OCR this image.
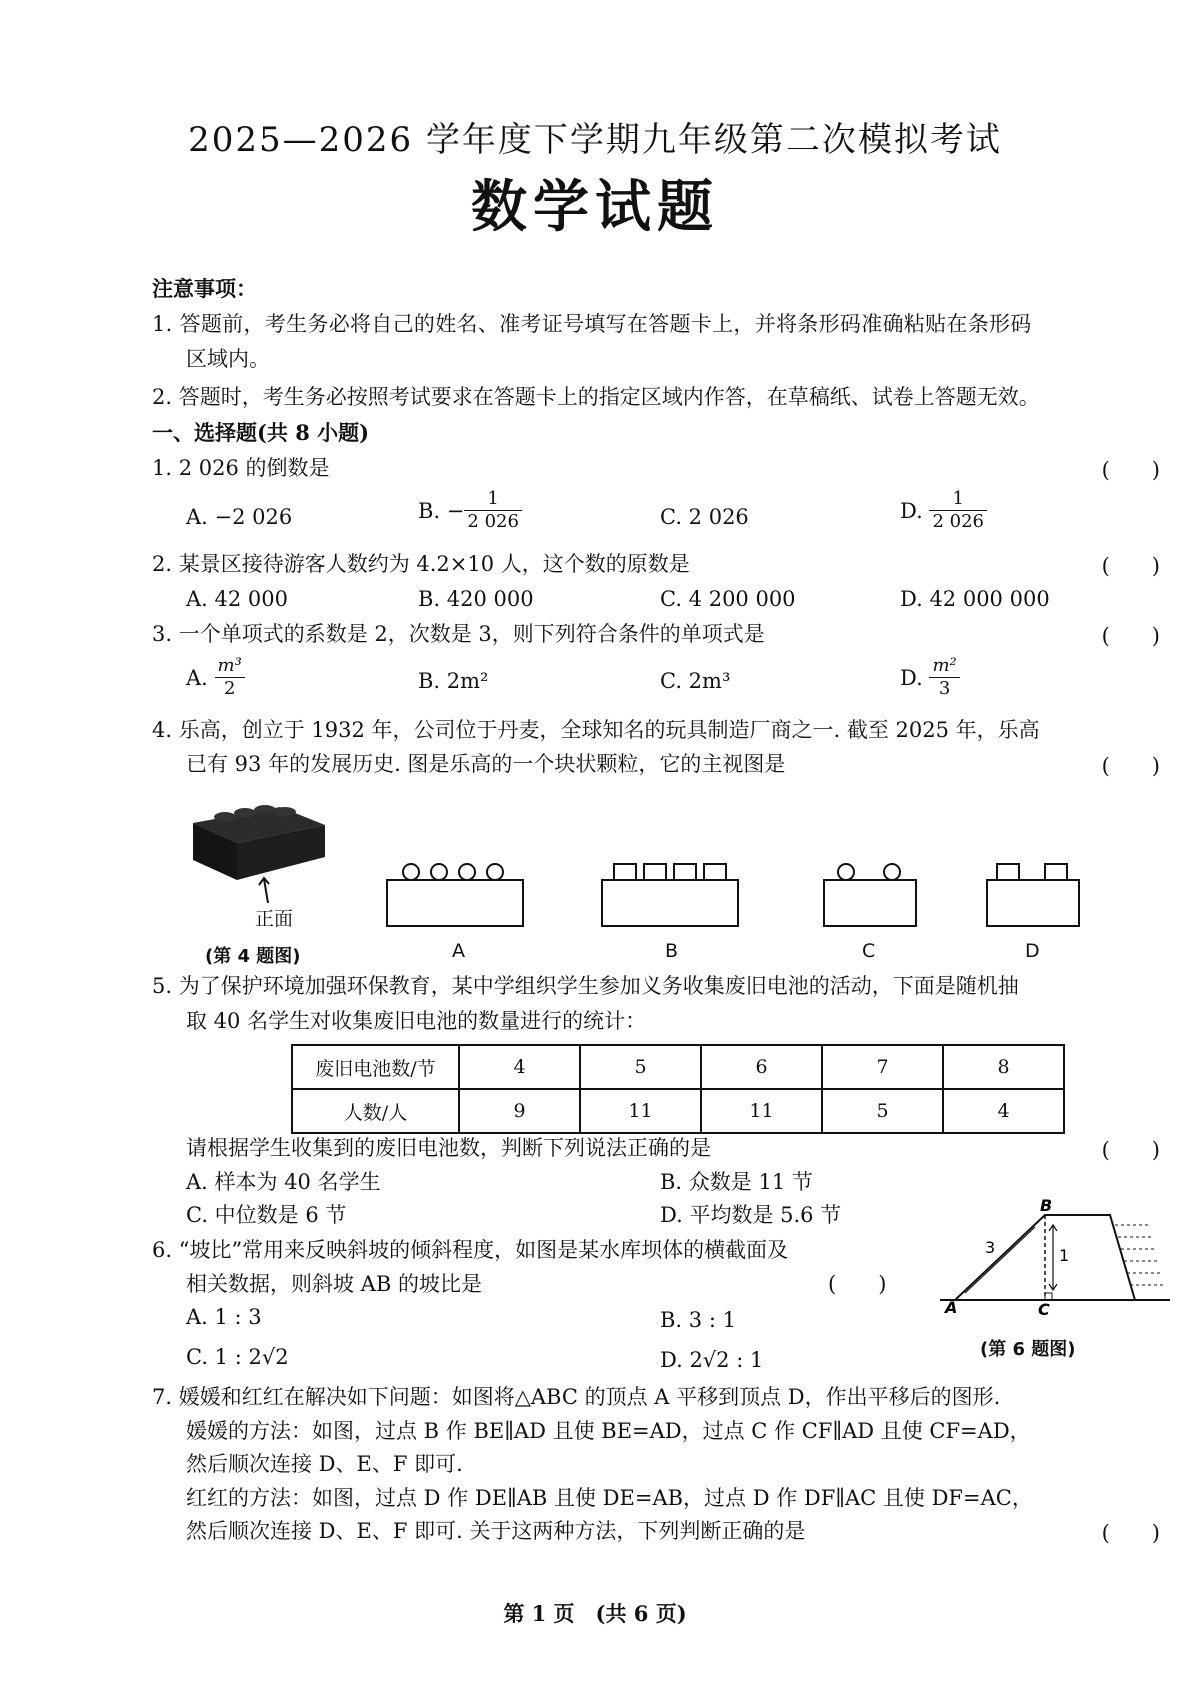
2025—2026 学年度下学期九年级第二次模拟考试
数学试题
注意事项：
1. 答题前，考生务必将自己的姓名、准考证号填写在答题卡上，并将条形码准确粘贴在条形码
区域内。
2. 答题时，考生务必按照考试要求在答题卡上的指定区域内作答，在草稿纸、试卷上答题无效。
一、选择题(共 8 小题)
1. 2 026 的倒数是	(　　)
A. −2 026	B. − $\frac{1}{2 026}$	C. 2 026	D. $\frac{1}{2 026}$
2. 某景区接待游客人数约为 4.2×10 人，这个数的原数是	(　　)
A. 42 000	B. 420 000	C. 4 200 000	D. 42 000 000
3. 一个单项式的系数是 2，次数是 3，则下列符合条件的单项式是	(　　)
A. $\frac{\text{m³}}{2}$	B. 2m²	C. 2m³	D. $\frac{\text{m²}}{3}$
4. 乐高，创立于 1932 年，公司位于丹麦，全球知名的玩具制造厂商之一. 截至 2025 年，乐高
已有 93 年的发展历史. 图是乐高的一个块状颗粒，它的主视图是	(　　)
正面
(第 4 题图)	A	B	C	D
5. 为了保护环境加强环保教育，某中学组织学生参加义务收集废旧电池的活动，下面是随机抽
取 40 名学生对收集废旧电池的数量进行的统计：
废旧电池数/节	4	5	6	7	8
人数/人	9	11	11	5	4
请根据学生收集到的废旧电池数，判断下列说法正确的是	(　　)
A. 样本为 40 名学生	B. 众数是 11 节
C. 中位数是 6 节	D. 平均数是 5.6 节
6. “坡比”常用来反映斜坡的倾斜程度，如图是某水库坝体的横截面及
相关数据，则斜坡 AB 的坡比是	(　　)
A. 1 : 3	B. 3 : 1
C. 1 : 2√2	D. 2√2 : 1
A
B
C
3	1
(第 6 题图)
7. 媛媛和红红在解决如下问题：如图将△ABC 的顶点 A 平移到顶点 D，作出平移后的图形.
媛媛的方法：如图，过点 B 作 BE∥AD 且使 BE=AD，过点 C 作 CF∥AD 且使 CF=AD，
然后顺次连接 D、E、F 即可.
红红的方法：如图，过点 D 作 DE∥AB 且使 DE=AB，过点 D 作 DF∥AC 且使 DF=AC，
然后顺次连接 D、E、F 即可. 关于这两种方法，下列判断正确的是	(　　)
第 1 页　(共 6 页)
